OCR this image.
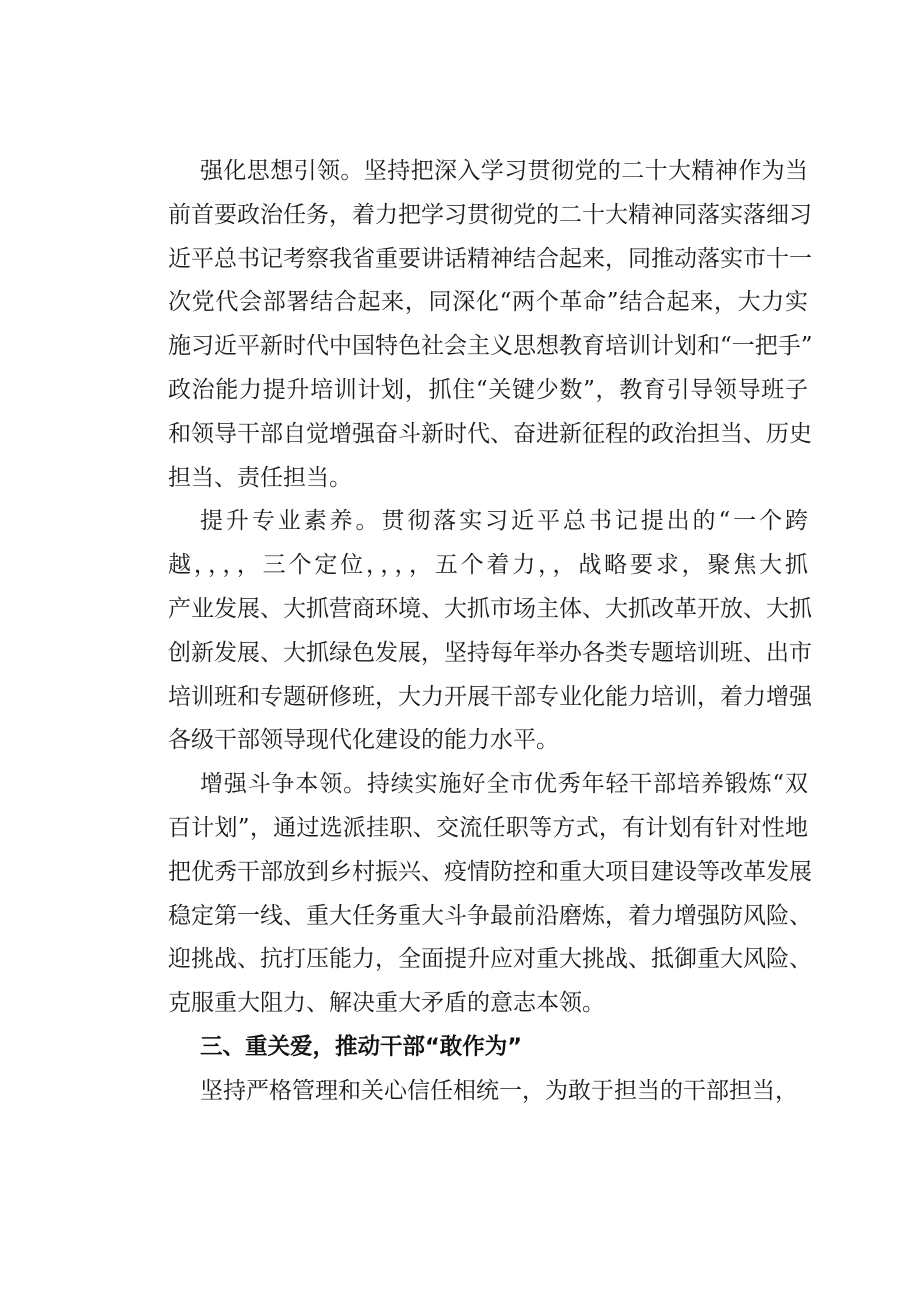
强化思想引领。坚持把深入学习贯彻党的二十大精神作为当
前首要政治任务，着力把学习贯彻党的二十大精神同落实落细习
近平总书记考察我省重要讲话精神结合起来，同推动落实市十一
次党代会部署结合起来，同深化“两个革命”结合起来，大力实
施习近平新时代中国特色社会主义思想教育培训计划和“一把手”
政治能力提升培训计划，抓住“关键少数”，教育引导领导班子
和领导干部自觉增强奋斗新时代、奋进新征程的政治担当、历史
担当、责任担当。
提升专业素养。贯彻落实习近平总书记提出的“一个跨
越，，，，三个定位，，，，五个着力，，战略要求，聚焦大抓
产业发展、大抓营商环境、大抓市场主体、大抓改革开放、大抓
创新发展、大抓绿色发展，坚持每年举办各类专题培训班、出市
培训班和专题研修班，大力开展干部专业化能力培训，着力增强
各级干部领导现代化建设的能力水平。
增强斗争本领。持续实施好全市优秀年轻干部培养锻炼“双
百计划”，通过选派挂职、交流任职等方式，有计划有针对性地
把优秀干部放到乡村振兴、疫情防控和重大项目建设等改革发展
稳定第一线、重大任务重大斗争最前沿磨炼，着力增强防风险、
迎挑战、抗打压能力，全面提升应对重大挑战、抵御重大风险、
克服重大阻力、解决重大矛盾的意志本领。
三、重关爱，推动干部“敢作为”
坚持严格管理和关心信任相统一，为敢于担当的干部担当，
